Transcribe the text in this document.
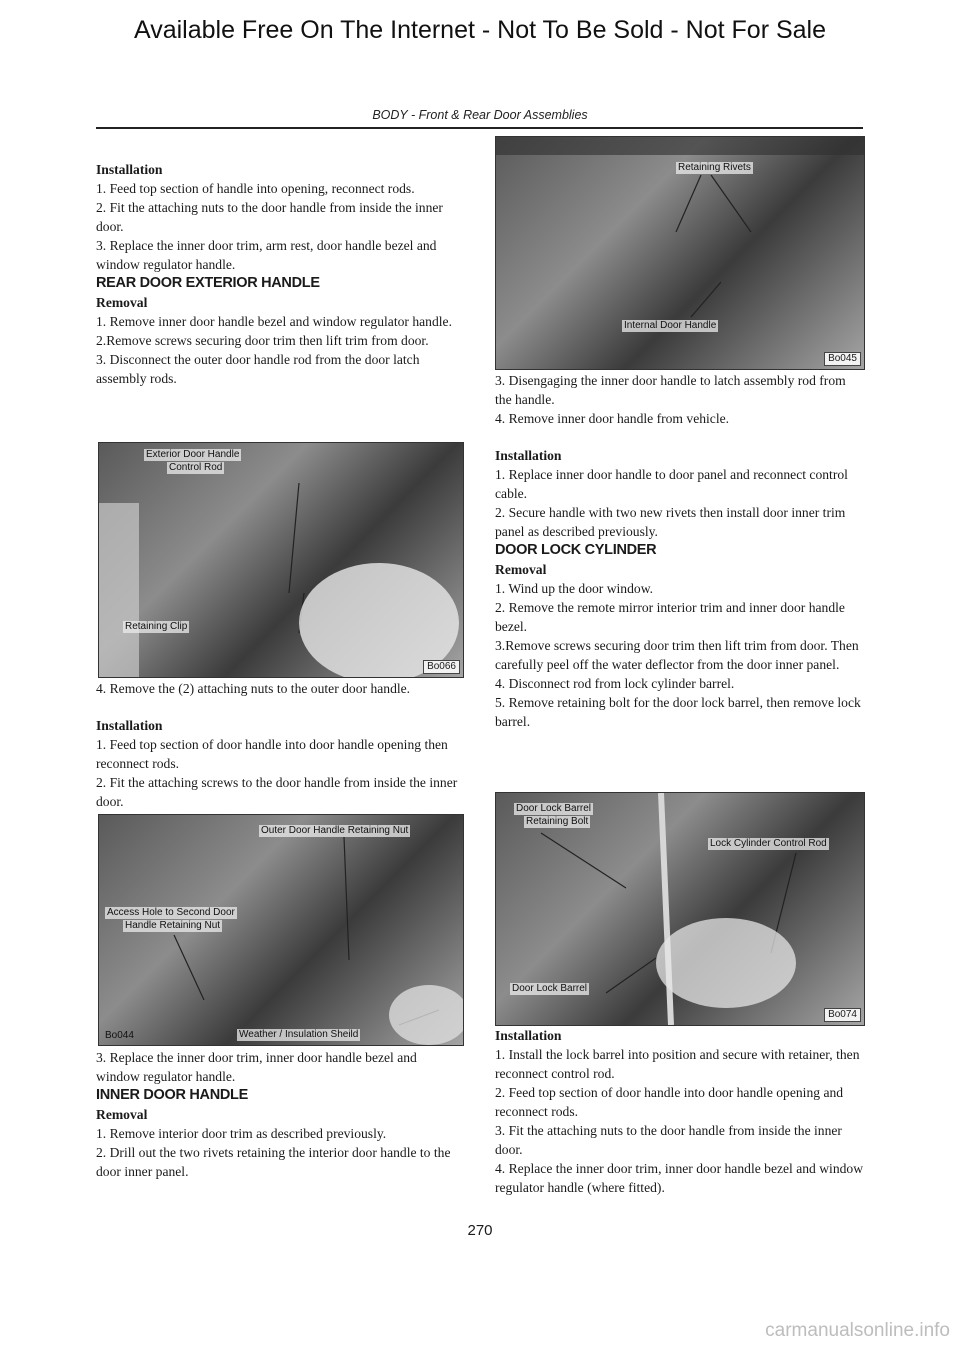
Available Free On The Internet - Not To Be Sold - Not For Sale
BODY - Front & Rear Door Assemblies

Installation

1. Feed top section of handle into opening, reconnect rods.

2. Fit the attaching nuts to the door handle from inside the inner door.

3. Replace the inner door trim, arm rest, door handle bezel and window regulator handle.

REAR DOOR EXTERIOR HANDLE

Removal

1. Remove inner door handle bezel and window regulator handle.

2.Remove screws securing door trim then lift trim from door.

3. Disconnect the outer door handle rod from the door latch assembly rods.

Exterior Door Handle
Control Rod
Retaining Clip
Bo066

4. Remove the (2) attaching nuts to the outer door handle.

Installation

1. Feed top section of door handle into door handle opening then reconnect rods.

2. Fit the attaching screws to the door handle from inside the inner door.

Outer Door Handle Retaining Nut
Access Hole to Second Door
Handle Retaining Nut
Weather / Insulation Sheild
Bo044

3. Replace the inner door trim, inner door handle bezel and window regulator handle.

INNER DOOR HANDLE

Removal

1. Remove interior door trim as described previously.

2. Drill out the two rivets retaining the interior door handle to the door inner panel.

Retaining Rivets
Internal Door Handle
Bo045

3. Disengaging the inner door handle to latch assembly rod from the handle.

4. Remove inner door handle from vehicle.

Installation

1. Replace inner door handle to door panel and reconnect control cable.

2. Secure handle with two new rivets then install door inner trim panel as described previously.

DOOR LOCK CYLINDER

Removal

1. Wind up the door window.

2. Remove the remote mirror interior trim and inner door handle bezel.

3.Remove screws securing door trim then lift trim from door. Then carefully peel off the water deflector from the door inner panel.

4. Disconnect rod from lock cylinder barrel.

5. Remove retaining bolt for the door lock barrel, then remove lock barrel.

Door Lock Barrel
Retaining Bolt
Lock Cylinder Control Rod
Door Lock Barrel
Bo074

Installation

1. Install the lock barrel into position and secure with retainer, then reconnect control rod.

2. Feed top section of door handle into door handle opening and reconnect rods.

3. Fit the attaching nuts to the door handle from inside the inner door.

4. Replace the inner door trim, inner door handle bezel and window regulator handle (where fitted).

270
carmanualsonline.info
